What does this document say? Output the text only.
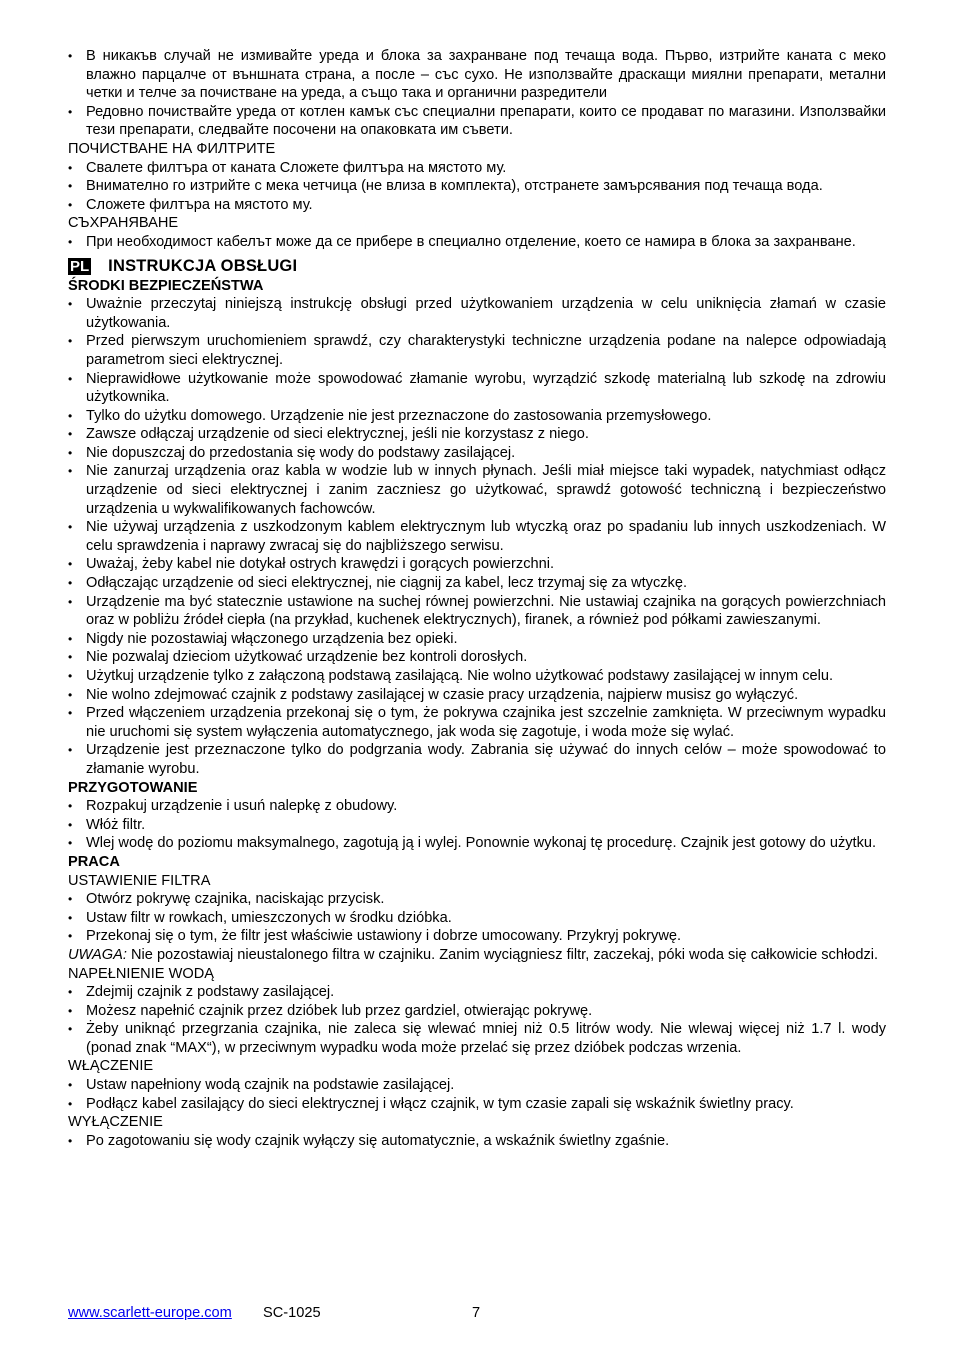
• В никакъв случай не измивайте уреда и блока за захранване под течаща вода. Първо, изтрийте каната с меко влажно парцалче от външната страна, а после – със сухо. Не използвайте драскащи миялни препарати, метални четки и телче за почистване на уреда, а също така и органични разредители
• Редовно почиствайте уреда от котлен камък със специални препарати, които се продават по магазини. Използвайки тези препарати, следвайте посочени на опаковката им съвети.
ПОЧИСТВАНЕ НА ФИЛТРИТЕ
• Свалете филтъра от каната Сложете филтъра на мястото му.
• Внимателно го изтрийте с мека четчица (не влиза в комплекта), отстранете замърсявания под течаща вода.
• Сложете филтъра на мястото му.
СЪХРАНЯВАНЕ
• При необходимост кабелът може да се прибере в специално отделение, което се намира в блока за захранване.
PL INSTRUKCJA OBSŁUGI
ŚRODKI BEZPIECZEŃSTWA
• Uważnie przeczytaj niniejszą instrukcję obsługi przed użytkowaniem urządzenia w celu uniknięcia złamań w czasie użytkowania.
• Przed pierwszym uruchomieniem sprawdź, czy charakterystyki techniczne urządzenia podane na nalepce odpowiadają parametrom sieci elektrycznej.
• Nieprawidłowe użytkowanie może spowodować złamanie wyrobu, wyrządzić szkodę materialną lub szkodę na zdrowiu użytkownika.
• Tylko do użytku domowego. Urządzenie nie jest przeznaczone do zastosowania przemysłowego.
• Zawsze odłączaj urządzenie od sieci elektrycznej, jeśli nie korzystasz z niego.
• Nie dopuszczaj do przedostania się wody do podstawy zasilającej.
• Nie zanurzaj urządzenia oraz kabla w wodzie lub w innych płynach. Jeśli miał miejsce taki wypadek, natychmiast odłącz urządzenie od sieci elektrycznej i zanim zaczniesz go użytkować, sprawdź gotowość techniczną i bezpieczeństwo urządzenia u wykwalifikowanych fachowców.
• Nie używaj urządzenia z uszkodzonym kablem elektrycznym lub wtyczką oraz po spadaniu lub innych uszkodzeniach. W celu sprawdzenia i naprawy zwracaj się do najbliższego serwisu.
• Uważaj, żeby kabel nie dotykał ostrych krawędzi i gorących powierzchni.
• Odłączając urządzenie od sieci elektrycznej, nie ciągnij za kabel, lecz trzymaj się za wtyczkę.
• Urządzenie ma być statecznie ustawione na suchej równej powierzchni. Nie ustawiaj czajnika na gorących powierzchniach oraz w pobliżu źródeł ciepła (na przykład, kuchenek elektrycznych), firanek, a również pod półkami zawieszanymi.
• Nigdy nie pozostawiaj włączonego urządzenia bez opieki.
• Nie pozwalaj dzieciom użytkować urządzenie bez kontroli dorosłych.
• Użytkuj urządzenie tylko z załączoną podstawą zasilającą. Nie wolno użytkować podstawy zasilającej w innym celu.
• Nie wolno zdejmować czajnik z podstawy zasilającej w czasie pracy urządzenia, najpierw musisz go wyłączyć.
• Przed włączeniem urządzenia przekonaj się o tym, że pokrywa czajnika jest szczelnie zamknięta. W przeciwnym wypadku nie uruchomi się system wyłączenia automatycznego, jak woda się zagotuje, i woda może się wylać.
• Urządzenie jest przeznaczone tylko do podgrzania wody. Zabrania się używać do innych celów – może spowodować to złamanie wyrobu.
PRZYGOTOWANIE
• Rozpakuj urządzenie i usuń nalepkę z obudowy.
• Włóż filtr.
• Wlej wodę do poziomu maksymalnego, zagotują ją i wylej. Ponownie wykonaj tę procedurę. Czajnik jest gotowy do użytku.
PRACA
USTAWIENIE FILTRA
• Otwórz pokrywę czajnika, naciskając przycisk.
• Ustaw filtr w rowkach, umieszczonych w środku dzióbka.
• Przekonaj się o tym, że filtr jest właściwie ustawiony i dobrze umocowany. Przykryj pokrywę.
UWAGA: Nie pozostawiaj nieustalonego filtra w czajniku. Zanim wyciągniesz filtr, zaczekaj, póki woda się całkowicie schłodzi.
NAPEŁNIENIE WODĄ
• Zdejmij czajnik z podstawy zasilającej.
• Możesz napełnić czajnik przez dzióbek lub przez gardziel, otwierając pokrywę.
• Żeby uniknąć przegrzania czajnika, nie zaleca się wlewać mniej niż 0.5 litrów wody. Nie wlewaj więcej niż 1.7 l. wody (ponad znak “MAX“), w przeciwnym wypadku woda może przelać się przez dzióbek podczas wrzenia.
WŁĄCZENIE
• Ustaw napełniony wodą czajnik na podstawie zasilającej.
• Podłącz kabel zasilający do sieci elektrycznej i włącz czajnik, w tym czasie zapali się wskaźnik świetlny pracy.
WYŁĄCZENIE
• Po zagotowaniu się wody czajnik wyłączy się automatycznie, a wskaźnik świetlny zgaśnie.
www.scarlett-europe.com SC-1025	7
